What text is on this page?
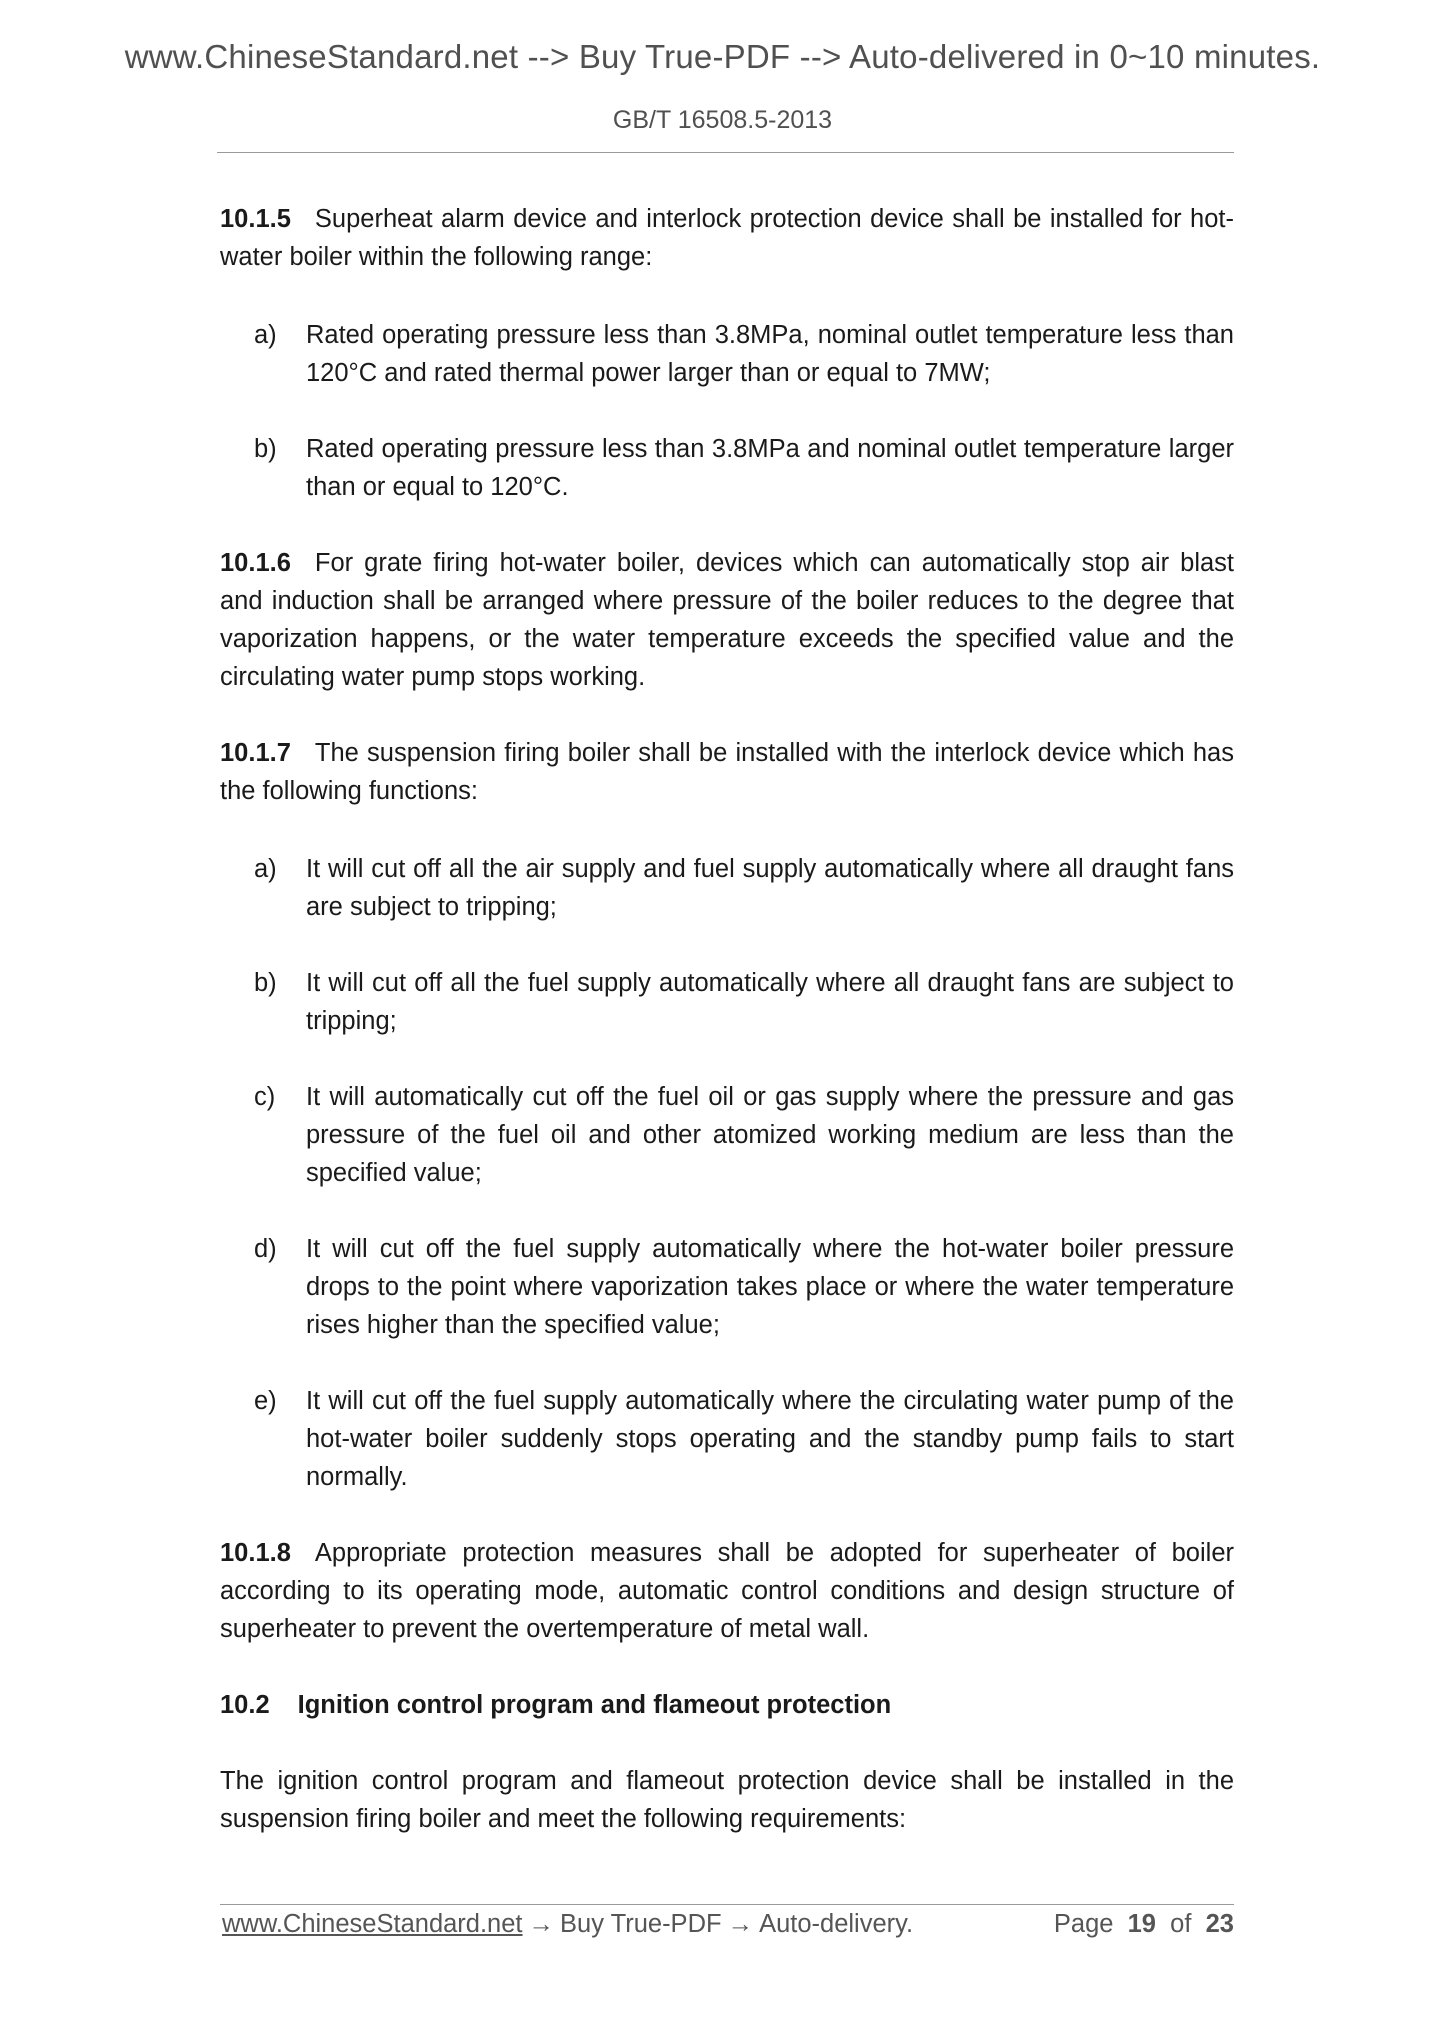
www.ChineseStandard.net --> Buy True-PDF --> Auto-delivered in 0~10 minutes.
GB/T 16508.5-2013

10.1.5 Superheat alarm device and interlock protection device shall be installed for hot-water boiler within the following range:

a) Rated operating pressure less than 3.8MPa, nominal outlet temperature less than 120°C and rated thermal power larger than or equal to 7MW;
b) Rated operating pressure less than 3.8MPa and nominal outlet temperature larger than or equal to 120°C.

10.1.6 For grate firing hot-water boiler, devices which can automatically stop air blast and induction shall be arranged where pressure of the boiler reduces to the degree that vaporization happens, or the water temperature exceeds the specified value and the circulating water pump stops working.

10.1.7 The suspension firing boiler shall be installed with the interlock device which has the following functions:

a) It will cut off all the air supply and fuel supply automatically where all draught fans are subject to tripping;
b) It will cut off all the fuel supply automatically where all draught fans are subject to tripping;
c) It will automatically cut off the fuel oil or gas supply where the pressure and gas pressure of the fuel oil and other atomized working medium are less than the specified value;
d) It will cut off the fuel supply automatically where the hot-water boiler pressure drops to the point where vaporization takes place or where the water temperature rises higher than the specified value;
e) It will cut off the fuel supply automatically where the circulating water pump of the hot-water boiler suddenly stops operating and the standby pump fails to start normally.

10.1.8 Appropriate protection measures shall be adopted for superheater of boiler according to its operating mode, automatic control conditions and design structure of superheater to prevent the overtemperature of metal wall.

10.2 Ignition control program and flameout protection

The ignition control program and flameout protection device shall be installed in the suspension firing boiler and meet the following requirements:

www.ChineseStandard.net → Buy True-PDF → Auto-delivery.	Page 19 of 23
